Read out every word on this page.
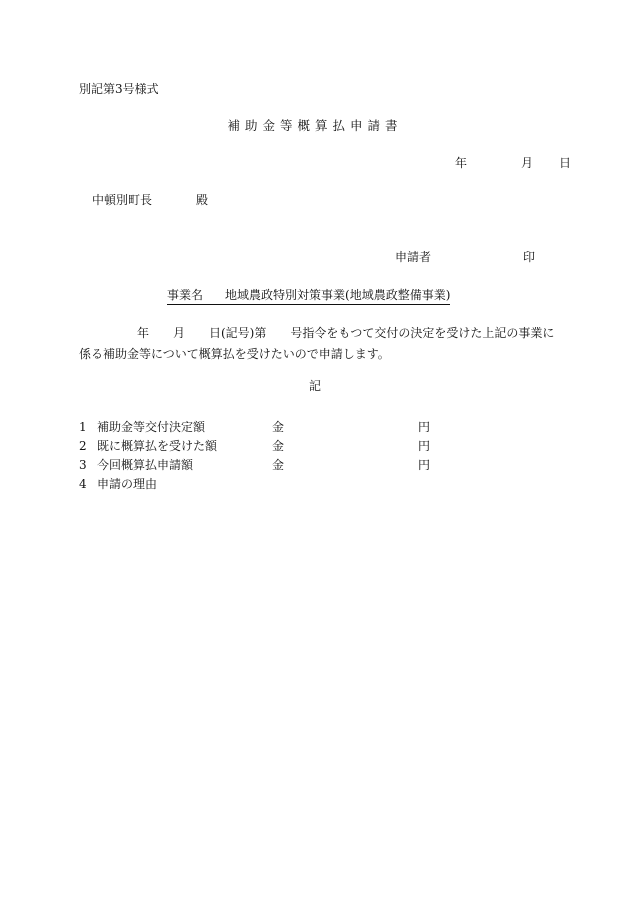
別記第3号様式
補助金等概算払申請書
年	月 日
中頓別町長	殿
申請者	印
事業名 地域農政特別対策事業(地域農政整備事業)

年　　月　　日(記号)第　　号指令をもつて交付の決定を受けた上記の事業に

係る補助金等について概算払を受けたいので申請します。

記
1 補助金等交付決定額	金	円
2 既に概算払を受けた額	金	円
3 今回概算払申請額	金	円
4 申請の理由
